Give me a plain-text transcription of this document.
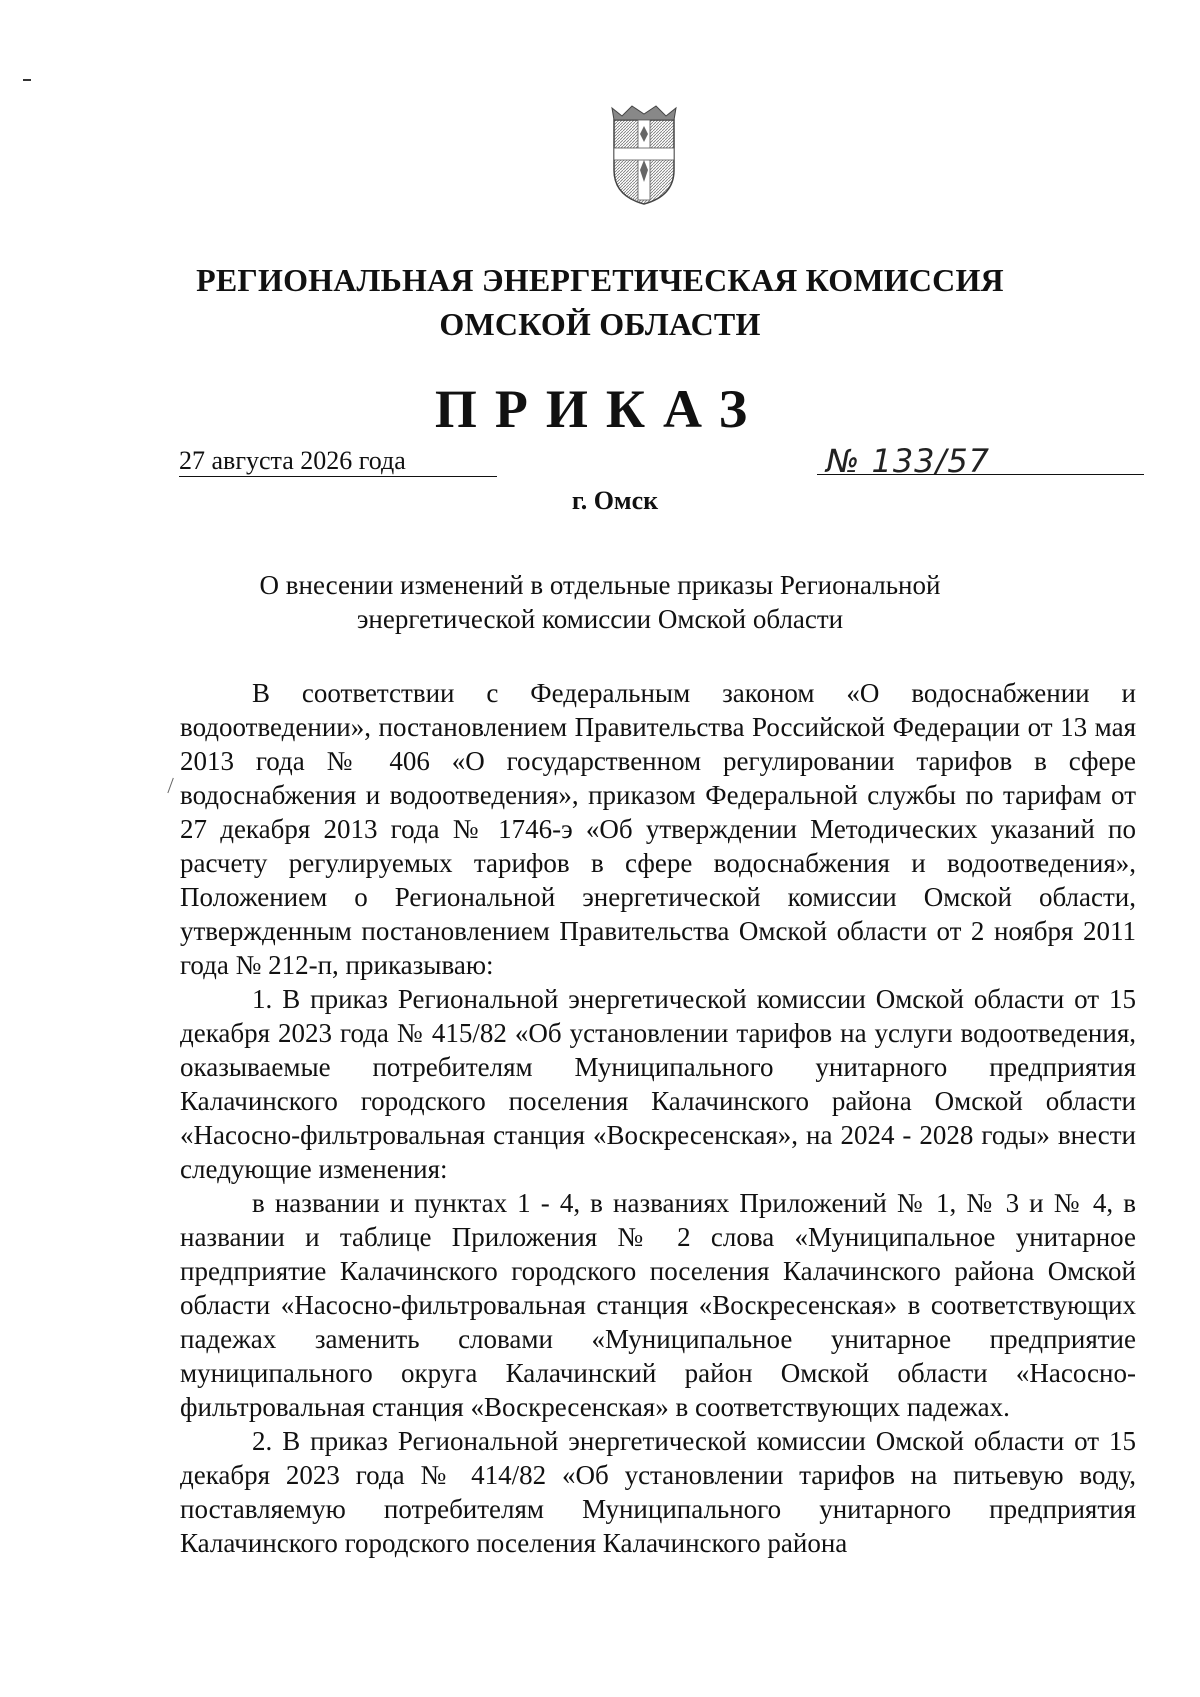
РЕГИОНАЛЬНАЯ ЭНЕРГЕТИЧЕСКАЯ КОМИССИЯ
ОМСКОЙ ОБЛАСТИ
ПРИКАЗ
27 августа 2026 года	№ 133/57
г. Омск
О внесении изменений в отдельные приказы Региональной
энергетической комиссии Омской области

В соответствии с Федеральным законом «О водоснабжении и водоотведении», постановлением Правительства Российской Федерации от 13 мая 2013 года № 406 «О государственном регулировании тарифов в сфере водоснабжения и водоотведения», приказом Федеральной службы по тарифам от 27 декабря 2013 года № 1746-э «Об утверждении Методических указаний по расчету регулируемых тарифов в сфере водоснабжения и водоотведения», Положением о Региональной энергетической комиссии Омской области, утвержденным постановлением Правительства Омской области от 2 ноября 2011 года № 212-п, приказываю:

1. В приказ Региональной энергетической комиссии Омской области от 15 декабря 2023 года № 415/82 «Об установлении тарифов на услуги водоотведения, оказываемые потребителям Муниципального унитарного предприятия Калачинского городского поселения Калачинского района Омской области «Насосно-фильтровальная станция «Воскресенская», на 2024 - 2028 годы» внести следующие изменения:

в названии и пунктах 1 - 4, в названиях Приложений № 1, № 3 и № 4, в названии и таблице Приложения № 2 слова «Муниципальное унитарное предприятие Калачинского городского поселения Калачинского района Омской области «Насосно-фильтровальная станция «Воскресенская» в соответствующих падежах заменить словами «Муниципальное унитарное предприятие муниципального округа Калачинский район Омской области «Насосно-фильтровальная станция «Воскресенская» в соответствующих падежах.

2. В приказ Региональной энергетической комиссии Омской области от 15 декабря 2023 года № 414/82 «Об установлении тарифов на питьевую воду, поставляемую потребителям Муниципального унитарного предприятия Калачинского городского поселения Калачинского района
